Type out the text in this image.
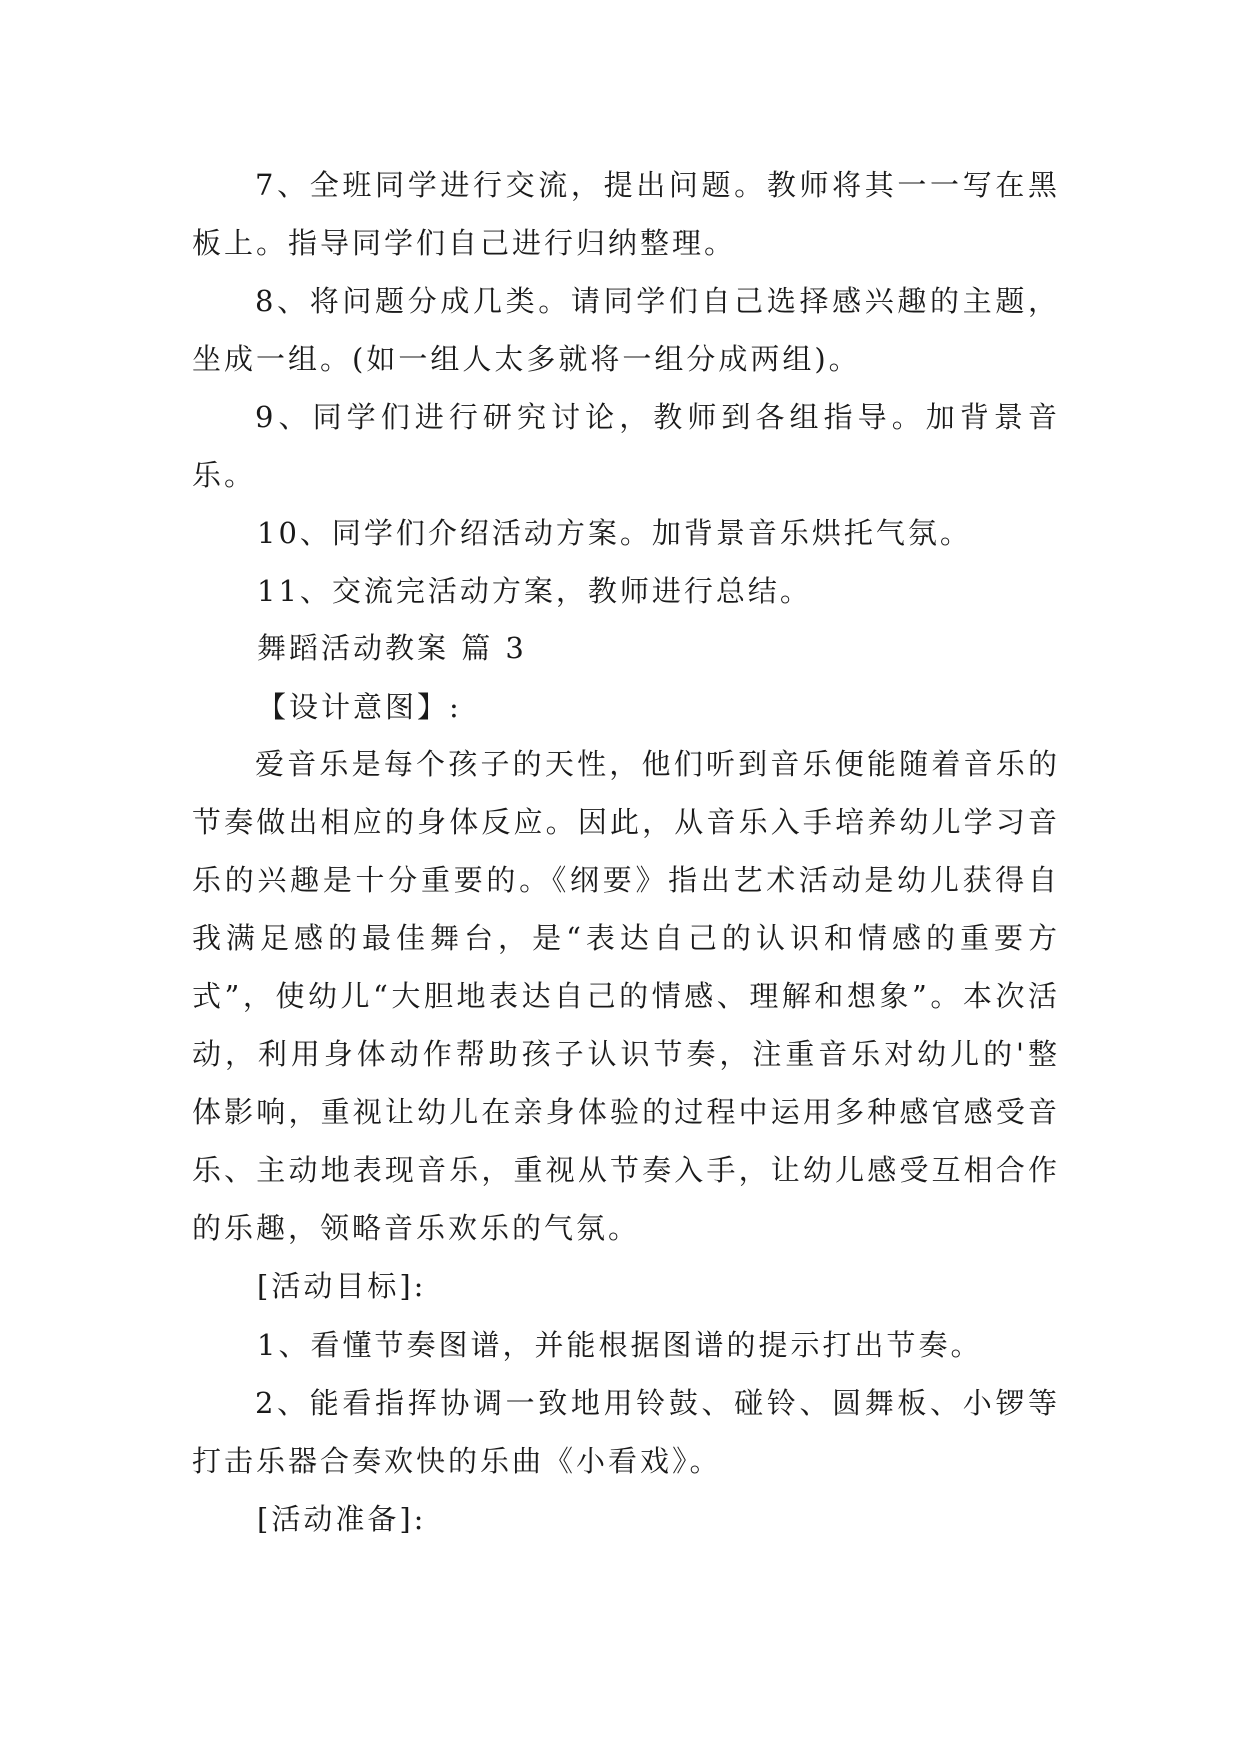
7、全班同学进行交流，提出问题。教师将其一一写在黑板上。指导同学们自己进行归纳整理。

8、将问题分成几类。请同学们自己选择感兴趣的主题，坐成一组。(如一组人太多就将一组分成两组)。

9、同学们进行研究讨论，教师到各组指导。加背景音乐。

10、同学们介绍活动方案。加背景音乐烘托气氛。

11、交流完活动方案，教师进行总结。

舞蹈活动教案 篇 3

【设计意图】:

爱音乐是每个孩子的天性，他们听到音乐便能随着音乐的节奏做出相应的身体反应。因此，从音乐入手培养幼儿学习音乐的兴趣是十分重要的。《纲要》指出艺术活动是幼儿获得自我满足感的最佳舞台，是“表达自己的认识和情感的重要方式”，使幼儿“大胆地表达自己的情感、理解和想象”。本次活动，利用身体动作帮助孩子认识节奏，注重音乐对幼儿的'整体影响，重视让幼儿在亲身体验的过程中运用多种感官感受音乐、主动地表现音乐，重视从节奏入手，让幼儿感受互相合作的乐趣，领略音乐欢乐的气氛。

[活动目标]:

1、看懂节奏图谱，并能根据图谱的提示打出节奏。

2、能看指挥协调一致地用铃鼓、碰铃、圆舞板、小锣等打击乐器合奏欢快的乐曲《小看戏》。

[活动准备]:
